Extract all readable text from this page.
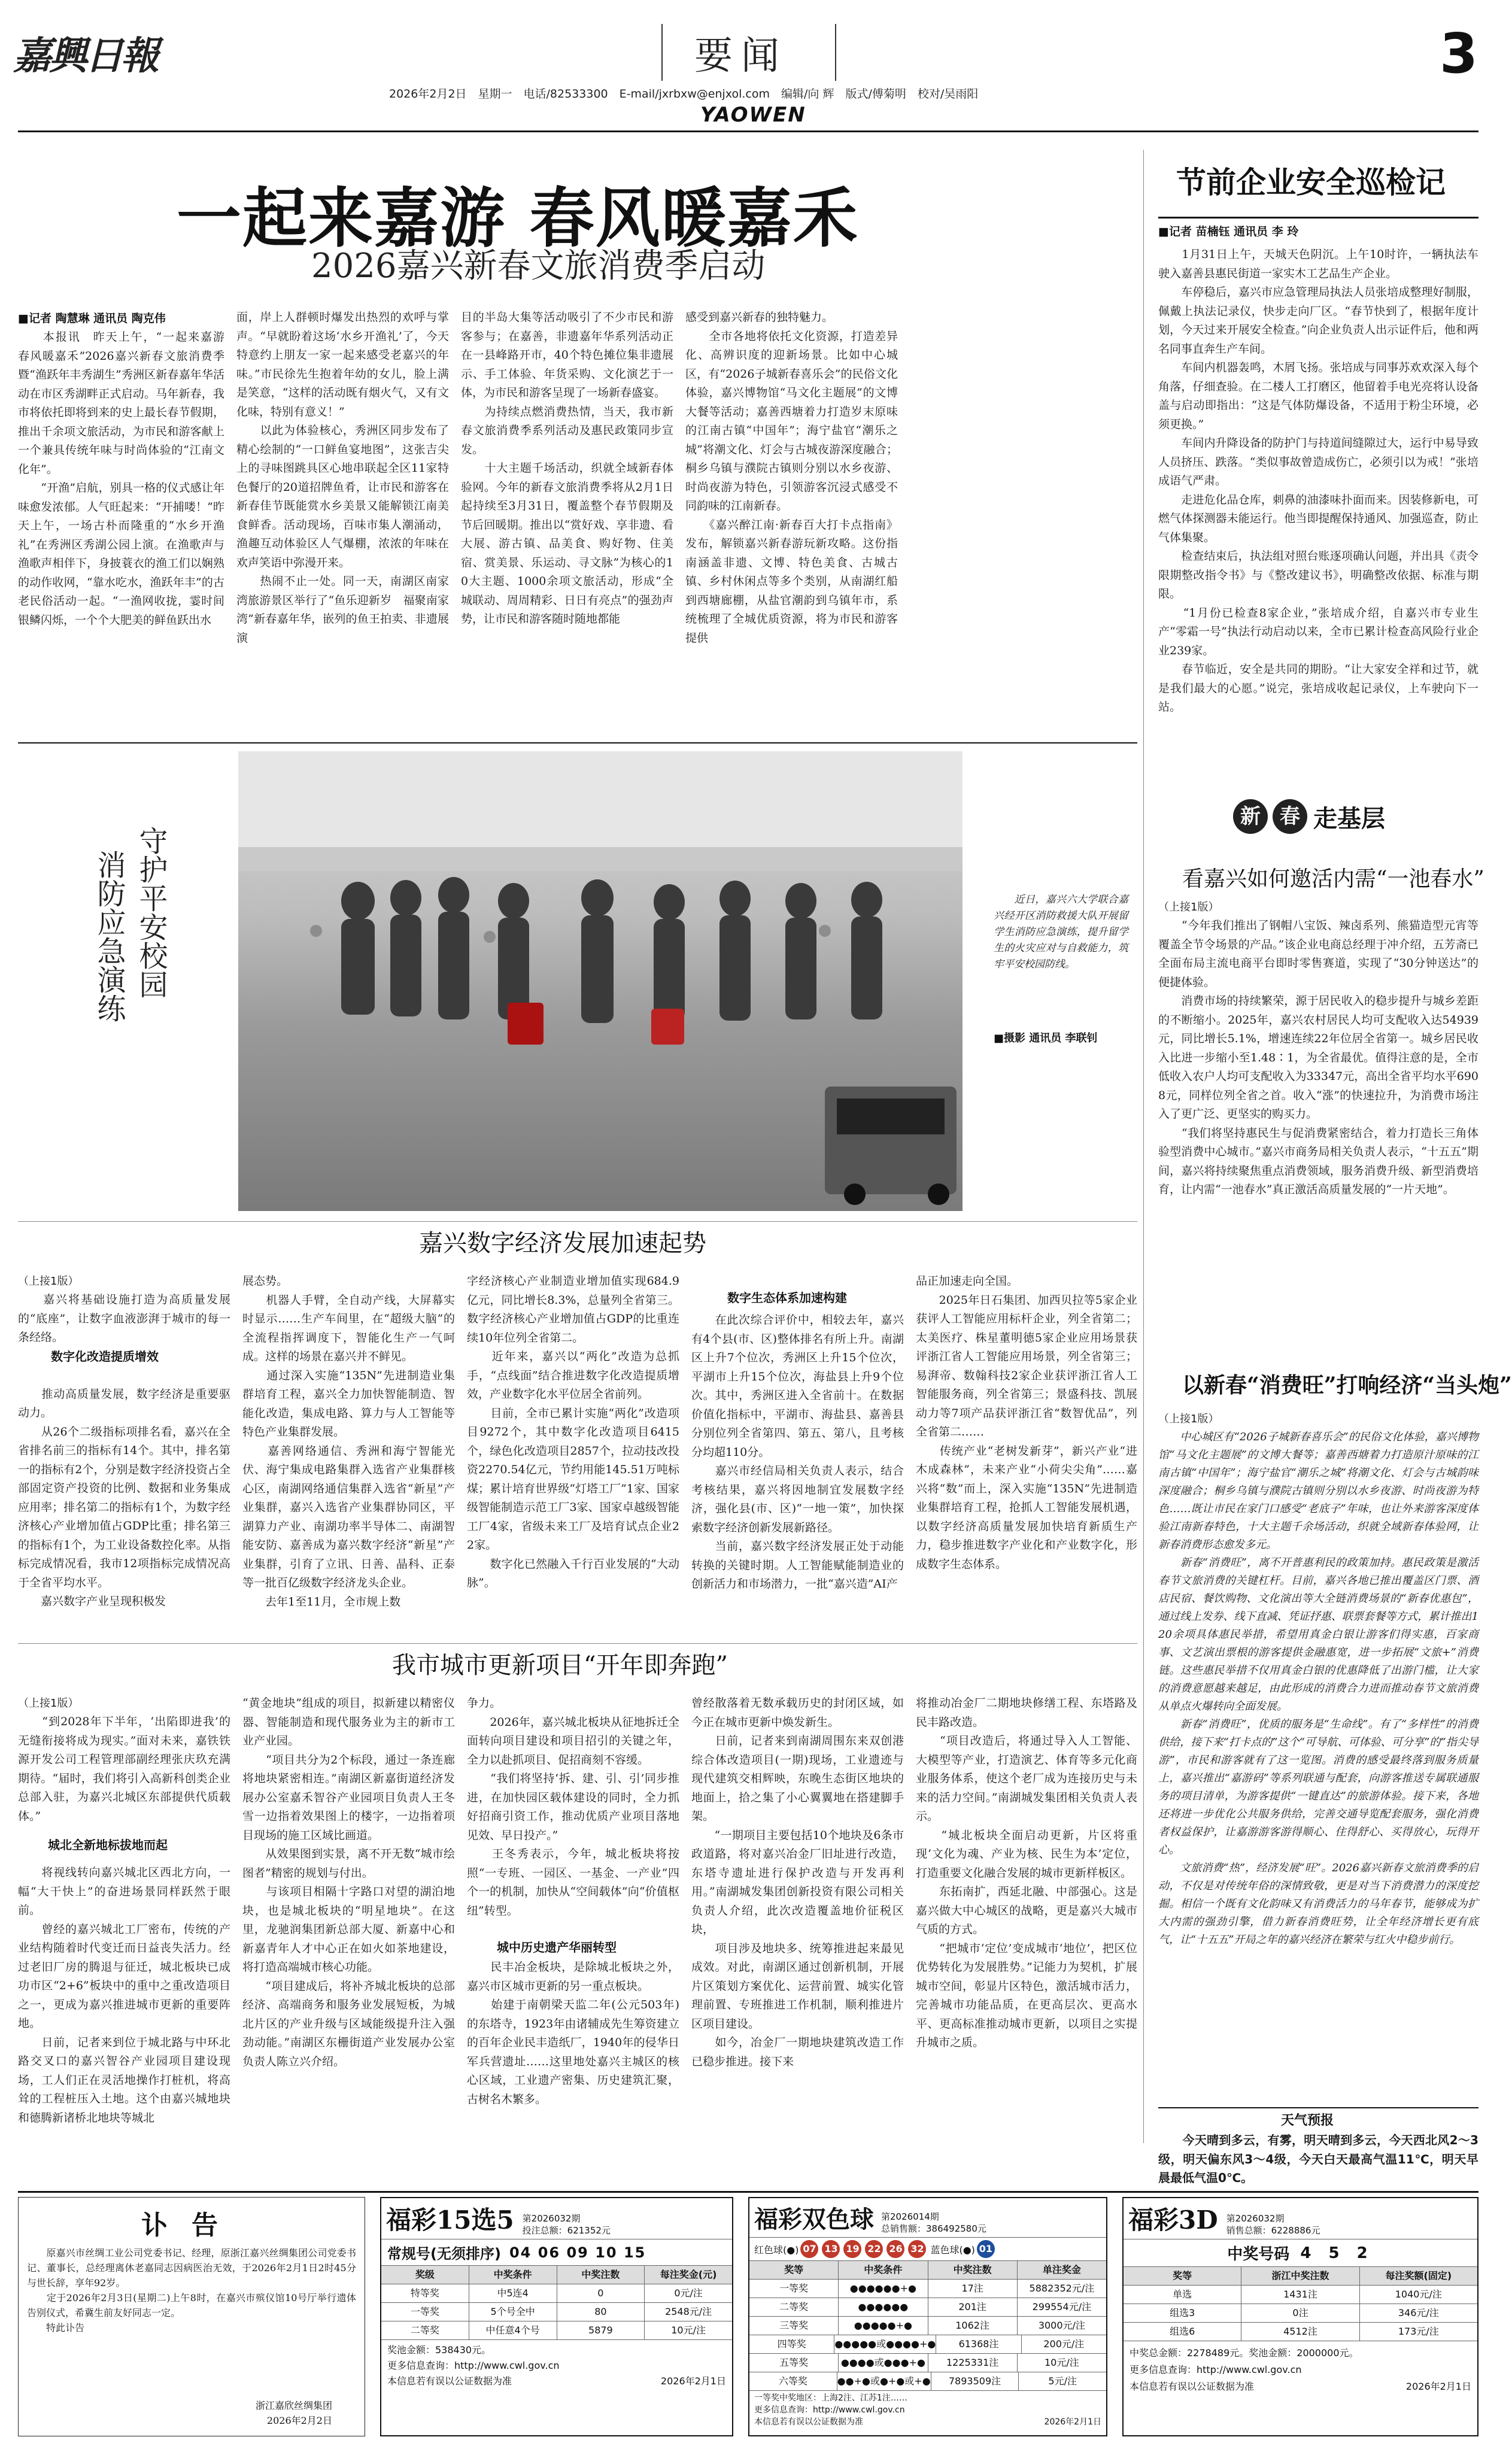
嘉興日報	要闻	3
2026年2月2日　星期一　电话/82533300　E-mail/jxrbxw@enjxol.com　 编辑/向 辉　版式/傅菊明　校对/吴雨阳
YAOWEN
一起来嘉游 春风暖嘉禾
2026嘉兴新春文旅消费季启动
■记者 陶慧琳 通讯员 陶克伟
　　本报讯　昨天上午，“一起来嘉游　春风暖嘉禾”2026嘉兴新春文旅消费季暨“渔跃年丰秀湖生”秀洲区新春嘉年华活动在市区秀湖畔正式启动。马年新春，我市将依托即将到来的史上最长春节假期，推出千余项文旅活动，为市民和游客献上一个兼具传统年味与时尚体验的“江南文化年”。
　　“开渔”启航，别具一格的仪式感让年味愈发浓郁。人气旺起来：“开捕喽！”昨天上午，一场古朴而隆重的“水乡开渔礼”在秀洲区秀湖公园上演。在渔歌声与渔歌声相伴下，身披蓑衣的渔工们以娴熟的动作收网，“靠水吃水，渔跃年丰”的古老民俗活动一起。“一渔网收拢，霎时间银鳞闪烁，一个个大肥美的鲜鱼跃出水
面，岸上人群顿时爆发出热烈的欢呼与掌声。“早就盼着这场‘水乡开渔礼’了，今天特意约上朋友一家一起来感受老嘉兴的年味。”市民徐先生抱着年幼的女儿，脸上满是笑意，“这样的活动既有烟火气，又有文化味，特别有意义！”
　　以此为体验核心，秀洲区同步发布了精心绘制的“一口鲜鱼宴地图”，这张吉尖上的寻味图跳具区心地串联起全区11家特色餐厅的20道招牌鱼肴，让市民和游客在新春佳节既能赏水乡美景又能解锁江南美食鲜香。活动现场，百味市集人潮涌动，渔趣互动体验区人气爆棚，浓浓的年味在欢声笑语中弥漫开来。
　　热闹不止一处。同一天，南湖区南家湾旅游景区举行了“鱼乐迎新岁　福聚南家湾”新春嘉年华，嵌列的鱼王拍卖、非遗展演
目的半岛大集等活动吸引了不少市民和游客参与；在嘉善，非遗嘉年华系列活动正在一县峰路开市，40个特色摊位集非遗展示、手工体验、年货采购、文化演艺于一体，为市民和游客呈现了一场新春盛宴。
　　为持续点燃消费热情，当天，我市新春文旅消费季系列活动及惠民政策同步宣发。
　　十大主题千场活动，织就全域新春体验网。今年的新春文旅消费季将从2月1日起持续至3月31日，覆盖整个春节假期及节后回暖期。推出以“赏好戏、享非遗、看大展、游古镇、品美食、购好物、住美宿、赏美景、乐运动、寻文脉”为核心的10大主题、1000余项文旅活动，形成“全城联动、周周精彩、日日有亮点”的强劲声势，让市民和游客随时随地都能
感受到嘉兴新春的独特魅力。
　　全市各地将依托文化资源，打造差异化、高辨识度的迎新场景。比如中心城区，有“2026子城新春喜乐会”的民俗文化体验，嘉兴博物馆“马文化主题展”的文博大餐等活动；嘉善西塘着力打造岁末原味的江南古镇“中国年”；海宁盐官“潮乐之城”将潮文化、灯会与古城夜游深度融合；桐乡乌镇与濮院古镇则分别以水乡夜游、时尚夜游为特色，引领游客沉浸式感受不同韵味的江南新春。
　　《嘉兴醉江南·新春百大打卡点指南》发布，解锁嘉兴新春游玩新攻略。这份指南涵盖非遗、文博、特色美食、古城古镇、乡村休闲点等多个类别，从南湖红船到西塘廊棚，从盐官潮韵到乌镇年市，系统梳理了全城优质资源，将为市民和游客提供
节前企业安全巡检记
■记者 苗楠钰 通讯员 李 玲
　　1月31日上午，天城天色阴沉。上午10时许，一辆执法车驶入嘉善县惠民街道一家实木工艺品生产企业。
　　车停稳后，嘉兴市应急管理局执法人员张培成整理好制服，佩戴上执法记录仪，快步走向厂区。“春节快到了，根据年度计划，今天过来开展安全检查。”向企业负责人出示证件后，他和两名同事直奔生产车间。
　　车间内机器轰鸣，木屑飞扬。张培成与同事苏欢欢深入每个角落，仔细查验。在二楼人工打磨区，他留着手电光亮将认设备盖与启动即指出：“这是气体防爆设备，不适用于粉尘环境，必须更换。”
　　车间内升降设备的防护门与持道间缝隙过大，运行中易导致人员挤压、跌落。“类似事故曾造成伤亡，必须引以为戒！”张培成语气严肃。
　　走进危化品仓库，刺鼻的油漆味扑面而来。因装修新电，可燃气体探测器未能运行。他当即提醒保持通风、加强巡查，防止气体集聚。
　　检查结束后，执法组对照台账逐项确认问题，并出具《责令限期整改指令书》与《整改建议书》，明确整改依据、标准与期限。
　　“1月份已检查8家企业，”张培成介绍，自嘉兴市专业生产“零霜一号”执法行动启动以来，全市已累计检查高风险行业企业239家。
　　春节临近，安全是共同的期盼。“让大家安全祥和过节，就是我们最大的心愿。”说完，张培成收起记录仪，上车驶向下一站。
新 春 走基层
看嘉兴如何邀活内需“一池春水”
（上接1版）
　　“今年我们推出了钢帽八宝饭、辣卤系列、熊猫造型元宵等覆盖全节令场景的产品。”该企业电商总经理于冲介绍，五芳斋已全面布局主流电商平台即时零售赛道，实现了“30分钟送达”的便捷体验。
　　消费市场的持续繁荣，源于居民收入的稳步提升与城乡差距的不断缩小。2025年，嘉兴农村居民人均可支配收入达54939元，同比增长5.1%，增速连续22年位居全省第一。城乡居民收入比进一步缩小至1.48∶1，为全省最优。值得注意的是，全市低收入农户人均可支配收入为33347元，高出全省平均水平6908元，同样位列全省之首。收入“涨”的快速拉升，为消费市场注入了更广泛、更坚实的购买力。
　　“我们将坚持惠民生与促消费紧密结合，着力打造长三角体验型消费中心城市。”嘉兴市商务局相关负责人表示，“十五五”期间，嘉兴将持续聚焦重点消费领域，服务消费升级、新型消费培育，让内需“一池春水”真正激活高质量发展的“一片天地”。
以新春“消费旺”打响经济“当头炮”
（上接1版）
　　中心城区有“2026子城新春喜乐会”的民俗文化体验，嘉兴博物馆“马文化主题展”的文博大餐等；嘉善西塘着力打造原汁原味的江南古镇“中国年”；海宁盐官“潮乐之城”将潮文化、灯会与古城韵味深度融合；桐乡乌镇与濮院古镇则分别以水乡夜游、时尚夜游为特色……既让市民在家门口感受“老底子”年味，也让外来游客深度体验江南新春特色，十大主题千余场活动，织就全域新春体验网，让新春消费形态愈发多元。
　　新春“消费旺”，离不开普惠利民的政策加持。惠民政策是激活春节文旅消费的关键杠杆。目前，嘉兴各地已推出覆盖区门票、酒店民宿、餐饮购物、文化演出等大全链消费场景的“新春优惠包”，通过线上发券、线下直减、凭证抒惠、联票套餐等方式，累计推出120余项具体惠民举措，希望用真金白银让游客们得实惠，百家商事、文艺演出票根的游客提供金融惠宽，进一步拓展“文旅+”消费链。这些惠民举措不仅用真金白银的优惠降低了出游门槛，让大家的消费意愿越来越足，由此形成的消费合力进而推动春节文旅消费从单点火爆转向全面发展。
　　新春“消费旺”，优质的服务是“生命线”。有了“多样性”的消费供给，接下来“打卡点的”这个“可导航、可体验、可分享”的“指尖导游”，市民和游客就有了这一览图。消费的感受最终落到服务质量上，嘉兴推出“嘉游码”等系列联通与配套，向游客推送专属联通服务的项目清单，为游客提供“一键直达”的旅游体验。接下来，各地还将进一步优化公共服务供给，完善交通导览配套服务，强化消费者权益保护，让嘉游游客游得顺心、住得舒心、买得放心，玩得开心。
　　文旅消费“热”，经济发展“旺”。2026嘉兴新春文旅消费季的启动，不仅是对传统年俗的深情致敬，更是对当下消费潜力的深度挖掘。相信一个既有文化韵味又有消费活力的马年春节，能够成为扩大内需的强劲引擎，借力新春消费旺势，让全年经济增长更有底气，让“十五五”开局之年的嘉兴经济在繁荣与红火中稳步前行。
天气预报
　　今天晴到多云，有雾，明天晴到多云，今天西北风2～3级，明天偏东风3～4级，今天白天最高气温11℃，明天早晨最低气温0℃。
守护平安校园
消防应急演练	　　近日，嘉兴六大学联合嘉兴经开区消防救援大队开展留学生消防应急演练，提升留学生的火灾应对与自救能力，筑牢平安校园防线。
■摄影 通讯员 李联钊
嘉兴数字经济发展加速起势
（上接1版）
　　嘉兴将基础设施打造为高质量发展的“底座”，让数字血液澎湃于城市的每一条经络。

　　推动高质量发展，数字经济是重要驱动力。
　　从26个二级指标项排名看，嘉兴在全省排名前三的指标有14个。其中，排名第一的指标有2个，分别是数字经济投资占全部固定资产投资的比例、数据和业务集成应用率；排名第二的指标有1个，为数字经济核心产业增加值占GDP比重；排名第三的指标有1个，为工业设备数控化率。从指标完成情况看，我市12项指标完成情况高于全省平均水平。
　　嘉兴数字产业呈现积极发
数字化改造提质增效
展态势。
　　机器人手臂，全自动产线，大屏幕实时显示……生产车间里，在“超级大脑”的全流程指挥调度下，智能化生产一气呵成。这样的场景在嘉兴并不鲜见。
　　通过深入实施“135N”先进制造业集群培育工程，嘉兴全力加快智能制造、智能化改造，集成电路、算力与人工智能等特色产业集群发展。
　　嘉善网络通信、秀洲和海宁智能光伏、海宁集成电路集群入选省产业集群核心区，南湖网络通信集群入选省“新星”产业集群，嘉兴入选省产业集群协同区，平湖算力产业、南湖功率半导体二、南湖智能安防、嘉善成为嘉兴数字经济“新星”产业集群，引育了立讯、日善、晶科、正泰等一批百亿级数字经济龙头企业。
　　去年1至11月，全市规上数
字经济核心产业制造业增加值实现684.9亿元，同比增长8.3%，总量列全省第三。数字经济核心产业增加值占GDP的比重连续10年位列全省第二。
　　近年来，嘉兴以“两化”改造为总抓手，“点线面”结合推进数字化改造提质增效，产业数字化水平位居全省前列。
　　目前，全市已累计实施“两化”改造项目9272个，其中数字化改造项目6415个，绿色化改造项目2857个，拉动技改投资2270.54亿元，节约用能145.51万吨标煤；累计培育世界级“灯塔工厂”1家、国家级智能制造示范工厂3家、国家卓越级智能工厂4家，省级未来工厂及培育试点企业22家。
　　数字化已然融入千行百业发展的“大动脉”。
数字生态体系加速构建
　　在此次综合评价中，相较去年，嘉兴有4个县(市、区)整体排名有所上升。南湖区上升7个位次，秀洲区上升15个位次，平湖市上升15个位次，海盐县上升9个位次。其中，秀洲区进入全省前十。在数据价值化指标中，平湖市、海盐县、嘉善县分别位列全省第四、第五、第八，且考核分均超110分。
　　嘉兴市经信局相关负责人表示，结合考核结果，嘉兴将因地制宜发展数字经济，强化县(市、区)“一地一策”，加快探索数字经济创新发展新路径。
　　当前，嘉兴数字经济发展正处于动能转换的关键时期。人工智能赋能制造业的创新活力和市场潜力，一批“嘉兴造”AI产
品正加速走向全国。
　　2025年日石集团、加西贝拉等5家企业获评人工智能应用标杆企业，列全省第二；太美医疗、株星董明德5家企业应用场景获评浙江省人工智能应用场景，列全省第三；易湃帝、数翰科技2家企业获评浙江省人工智能服务商，列全省第三；景盛科技、凯展动力等7项产品获评浙江省“数智优品”，列全省第二……
　　传统产业“老树发新芽”，新兴产业“进木成森林”，未来产业“小荷尖尖角”……嘉兴将“数”而上，深入实施“135N”先进制造业集群培育工程，抢抓人工智能发展机遇，以数字经济高质量发展加快培育新质生产力，稳步推进数字产业化和产业数字化，形成数字生态体系。
我市城市更新项目“开年即奔跑”
（上接1版）
　　“到2028年下半年，‘出陷即进我’的无缝衔接将成为现实。”面对未来，嘉铁铁源开发公司工程管理部副经理张庆玖充满期待。“届时，我们将引入高新科创类企业总部入驻，为嘉兴北城区东部提供代质载体。”

　　将视线转向嘉兴城北区西北方向，一幅“大干快上”的奋进场景同样跃然于眼前。
　　曾经的嘉兴城北工厂密布，传统的产业结构随着时代变迁而日益丧失活力。经过老旧厂房的腾退与征迁，城北板块已成功市区“2+6”板块中的重中之重改造项目之一，更成为嘉兴推进城市更新的重要阵地。
　　日前，记者来到位于城北路与中环北路交叉口的嘉兴智谷产业园项目建设现场，工人们正在灵活地操作打桩机，将高耸的工程桩压入土地。这个由嘉兴城地块和德腾新诸桥北地块等城北
城北全新地标拔地而起
“黄金地块”组成的项目，拟新建以精密仪器、智能制造和现代服务业为主的新市工业产业园。
　　“项目共分为2个标段，通过一条连廊将地块紧密相连。”南湖区新嘉街道经济发展办公室嘉禾智谷产业园项目负责人王冬雪一边指着效果图上的楼字，一边指着项目现场的施工区域比画道。
　　从效果图到实景，离不开无数“城市绘图者”精密的规划与付出。
　　与该项目相隔十字路口对望的湖泊地块，也是城北板块的“明星地块”。在这里，龙驰润集团新总部大厦、新嘉中心和新嘉青年人才中心正在如火如茶地建设，将打造高端城市核心功能。
　　“项目建成后，将补齐城北板块的总部经济、高端商务和服务业发展短板，为城北片区的产业升级与区域能级提升注入强劲动能。”南湖区东栅街道产业发展办公室负责人陈立兴介绍。
争力。
　　2026年，嘉兴城北板块从征地拆迁全面转向项目建设和项目招引的关键之年，全力以赴抓项目、促招商刻不容缓。
　　“我们将坚持‘拆、建、引、引’同步推进，在加快园区载体建设的同时，全力抓好招商引资工作，推动优质产业项目落地见效、早日投产。”
　　王冬秀表示，今年，城北板块将按照“一专班、一园区、一基金、一产业”四个一的机制，加快从“空间载体”向“价值枢纽”转型。

　　民丰冶金板块，是除城北板块之外，嘉兴市区城市更新的另一重点板块。
　　始建于南朝梁天监二年(公元503年)的东塔寺，1923年由诸辅成先生筹资建立的百年企业民丰造纸厂，1940年的侵华日军兵营遗址……这里地处嘉兴主城区的核心区域，工业遗产密集、历史建筑汇聚，古树名木繁多。
城中历史遗产华丽转型
曾经散落着无数承载历史的封闭区域，如今正在城市更新中焕发新生。
　　日前，记者来到南湖周围东来双创港综合体改造项目(一期)现场，工业遗迹与现代建筑交相辉映，东晚生态街区地块的地面上，拾之集了小心翼翼地在搭建脚手架。
　　“一期项目主要包括10个地块及6条市政道路，将对嘉兴冶金厂旧址进行改造，东塔寺遗址进行保护改造与开发再利用。”南湖城发集团创新投资有限公司相关负责人介绍，此次改造覆盖地价征税区块，
　　项目涉及地块多、统筹推进起来最见成效。对此，南湖区通过创新机制，开展片区策划方案优化、运营前置、城实化管理前置、专班推进工作机制，顺利推进片区项目建设。
　　如今，冶金厂一期地块建筑改造工作已稳步推进。接下来
将推动冶金厂二期地块修缮工程、东塔路及民丰路改造。
　　“项目改造后，将通过导入人工智能、大模型等产业，打造演艺、体育等多元化商业服务体系，使这个老厂成为连接历史与未来的活力空间。”南湖城发集团相关负责人表示。
　　“城北板块全面启动更新，片区将重现‘文化为魂、产业为核、民生为本’定位，打造重要文化融合发展的城市更新样板区。
　　东拓南扩，西延北融、中部强心。这是嘉兴做大中心城区的战略，更是嘉兴大城市气质的方式。
　　“把城市‘定位’变成城市‘地位’，把区位优势转化为发展胜势。”记能力为契机，扩展城市空间，彰显片区特色，激活城市活力，完善城市功能品质，在更高层次、更高水平、更高标准推动城市更新，以项目之实提升城市之质。
讣告
　　原嘉兴市丝绸工业公司党委书记、经理，原浙江嘉兴丝绸集团公司党委书记、董事长，总经理离休老嘉同志因病医治无效，于2026年2月1日2时45分与世长辞，享年92岁。
　　定于2026年2月3日(星期二)上午8时，在嘉兴市殡仪馆10号厅举行遗体告别仪式，希冀生前友好同志一定。
　　特此讣告
浙江嘉欣丝绸集团
2026年2月2日
福彩15选5 第2026032期
投注总额：621352元
常规号(无须排序) 04 06 09 10 15
奖级	中奖条件	中奖注数	每注奖金(元)
特等奖	中5连4	0	0元/注
一等奖	5个号全中	80	2548元/注
二等奖	中任意4个号	5879	10元/注
奖池金额：538430元。
更多信息查询：http://www.cwl.gov.cn
本信息若有误以公证数据为准	2026年2月1日
福彩双色球 第2026014期
总销售额：386492580元
红色球(●) 07 13 19 22 26 32 蓝色球(●) 01
奖等	中奖条件	中奖注数	单注奖金
一等奖	●●●●●●+●	17注	5882352元/注
二等奖	●●●●●●	201注	299554元/注
三等奖	●●●●●+●	1062注	3000元/注
四等奖	●●●●●或●●●●+●	61368注	200元/注
五等奖	●●●●或●●●+●	1225331注	10元/注
六等奖	●●+●或●+●或+●	7893509注	5元/注
一等奖中奖地区：上海2注、江苏1注……
更多信息查询：http://www.cwl.gov.cn
本信息若有误以公证数据为准	2026年2月1日
福彩3D 第2026032期
销售总额：6228886元
中奖号码 4 5 2
奖等	浙江中奖注数	每注奖额(固定)
单选	1431注	1040元/注
组选3	0注	346元/注
组选6	4512注	173元/注
中奖总金额：2278489元。奖池金额：2000000元。
更多信息查询：http://www.cwl.gov.cn
本信息若有误以公证数据为准	2026年2月1日
